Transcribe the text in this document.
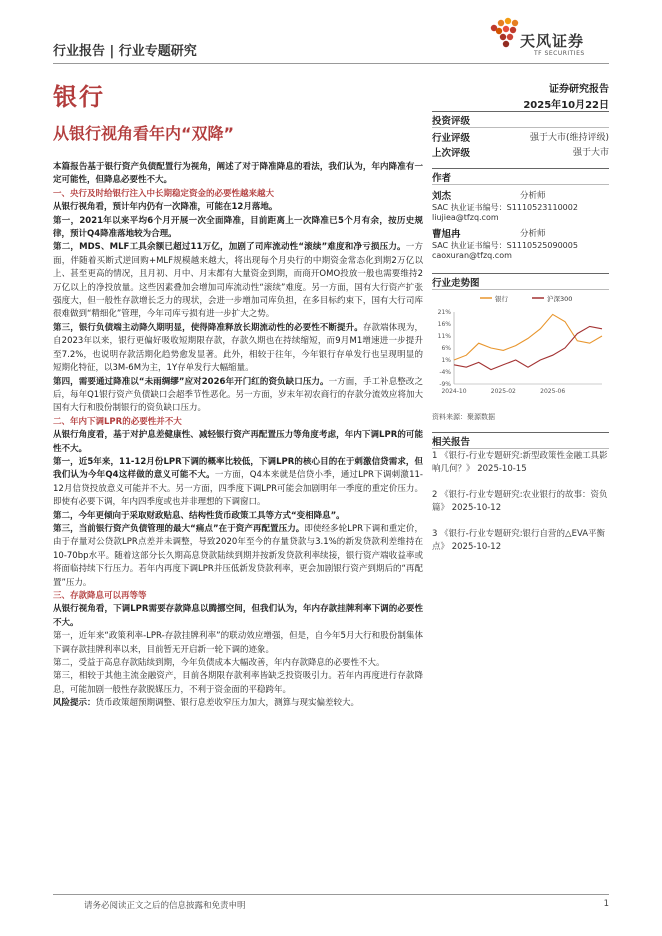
行业报告 | 行业专题研究
天风证券
TF SECURITIES
银行	证券研究报告
2025年10月22日
从银行视角看年内“双降”
投资评级
行业评级	强于大市(维持评级)
上次评级	强于大市
作者
刘杰	分析师
SAC 执业证书编号：S1110523110002
liujiea@tfzq.com
曹旭冉	分析师
SAC 执业证书编号：S1110525090005
caoxuran@tfzq.com
行业走势图
银行	沪深300
21%
16%
11%
6%
1%
-4%
-9%
2024-10	2025-02	2025-06
资料来源：聚源数据
相关报告
1 《银行-行业专题研究:新型政策性金融工具影响几何？》 2025-10-15
2 《银行-行业专题研究:农业银行的故事：资负篇》 2025-10-12
3 《银行-行业专题研究:银行自营的△EVA平衡点》 2025-10-12

本篇报告基于银行资产负债配置行为视角，阐述了对于降准降息的看法，我们认为，年内降准有一定可能性，但降息必要性不大。

一、央行及时给银行注入中长期稳定资金的必要性越来越大

从银行视角看，预计年内仍有一次降准，可能在12月落地。

第一，2021年以来平均6个月开展一次全面降准，目前距离上一次降准已5个月有余，按历史规律，预计Q4降准落地较为合理。

第二，MDS、MLF工具余额已超过11万亿，加剧了司库流动性“滚续”难度和净亏损压力。一方面，伴随着买断式逆回购+MLF规模越来越大，将出现每个月央行的中期资金常态化到期2万亿以上、甚至更高的情况，且月初、月中、月末都有大量资金到期，而商开OMO投放一般也需要维持2万亿以上的净投放量。这些因素叠加会增加司库流动性“滚续”难度。另一方面，国有大行资产扩张强度大，但一般性存款增长乏力的现状，会进一步增加司库负担，在多目标约束下，国有大行司库很难做到“精细化”管理，今年司库亏损有进一步扩大之势。

第三，银行负债端主动降久期明显，使得降准释放长期流动性的必要性不断提升。存款端体现为，自2023年以来，银行更偏好吸收短期限存款，存款久期也在持续缩短，而9月M1增速进一步提升至7.2%，也说明存款活期化趋势愈发显著。此外，相较于往年，今年银行存单发行也呈现明显的短期化特征，以3M-6M为主，1Y存单发行大幅缩量。

第四，需要通过降准以“未雨绸缪”应对2026年开门红的资负缺口压力。一方面，手工补息整改之后，每年Q1银行资产负债缺口会超季节性恶化。另一方面，岁末年初农商行的存款分流效应将加大国有大行和股份制银行的资负缺口压力。

二、年内下调LPR的必要性并不大

从银行角度看，基于对护息差健康性、减轻银行资产再配置压力等角度考虑，年内下调LPR的可能性不大。

第一，近5年来，11-12月份LPR下调的概率比较低，下调LPR的核心目的在于刺激信贷需求，但我们认为今年Q4这样做的意义可能不大。一方面，Q4本来就是信贷小季，通过LPR下调刺激11-12月信贷投放意义可能并不大。另一方面，四季度下调LPR可能会加剧明年一季度的重定价压力。即使有必要下调，年内四季度或也并非理想的下调窗口。

第二，今年更倾向于采取财政贴息、结构性货币政策工具等方式“变相降息”。

第三，当前银行资产负债管理的最大“痛点”在于资产再配置压力。即使经多轮LPR下调和重定价，由于存量对公贷款LPR点差并未调整，导致2020年至今的存量贷款与3.1%的新发贷款利差维持在10-70bp水平。随着这部分长久期高息贷款陆续到期并按新发贷款利率续接，银行资产端收益率或将面临持续下行压力。若年内再度下调LPR并压低新发贷款利率，更会加剧银行资产到期后的“再配置”压力。

三、存款降息可以再等等

从银行视角看，下调LPR需要存款降息以腾挪空间，但我们认为，年内存款挂牌利率下调的必要性不大。

第一，近年来“政策利率-LPR-存款挂牌利率”的联动效应增强，但是，自今年5月大行和股份制集体下调存款挂牌利率以来，目前暂无开启新一轮下调的迹象。

第二，受益于高息存款陆续到期，今年负债成本大幅改善，年内存款降息的必要性不大。

第三，相较于其他主流金融资产，目前各期限存款利率皆缺乏投资吸引力。若年内再度进行存款降息，可能加剧一般性存款脱媒压力，不利于资金面的平稳跨年。

风险提示：货币政策超预期调整、银行息差收窄压力加大，测算与现实偏差较大。

请务必阅读正文之后的信息披露和免责申明	1
